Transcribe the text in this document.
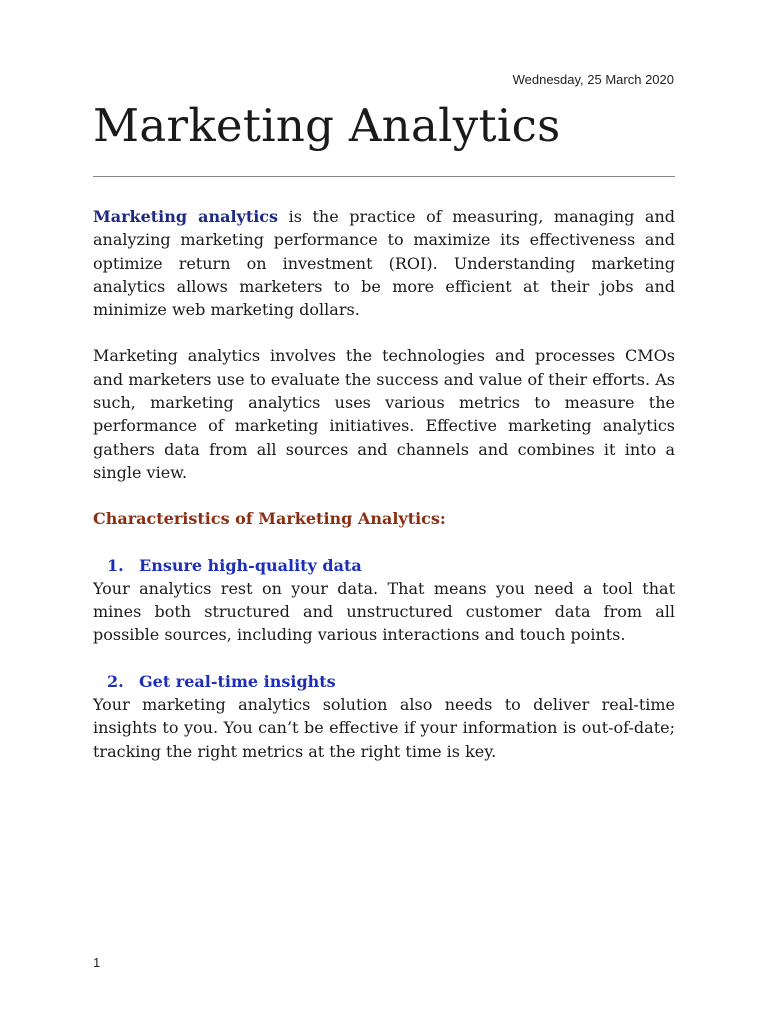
Wednesday, 25 March 2020
Marketing Analytics

Marketing analytics is the practice of measuring, managing and analyzing marketing performance to maximize its effectiveness and optimize return on investment (ROI). Understanding marketing analytics allows marketers to be more efficient at their jobs and minimize web marketing dollars.

Marketing analytics involves the technologies and processes CMOs and marketers use to evaluate the success and value of their efforts. As such, marketing analytics uses various metrics to measure the performance of marketing initiatives. Effective marketing analytics gathers data from all sources and channels and combines it into a single view.

Characteristics of Marketing Analytics:

1. Ensure high-quality data

Your analytics rest on your data. That means you need a tool that mines both structured and unstructured customer data from all possible sources, including various interactions and touch points.

2. Get real-time insights

Your marketing analytics solution also needs to deliver real-time insights to you. You can’t be effective if your information is out-of-date; tracking the right metrics at the right time is key.

1
